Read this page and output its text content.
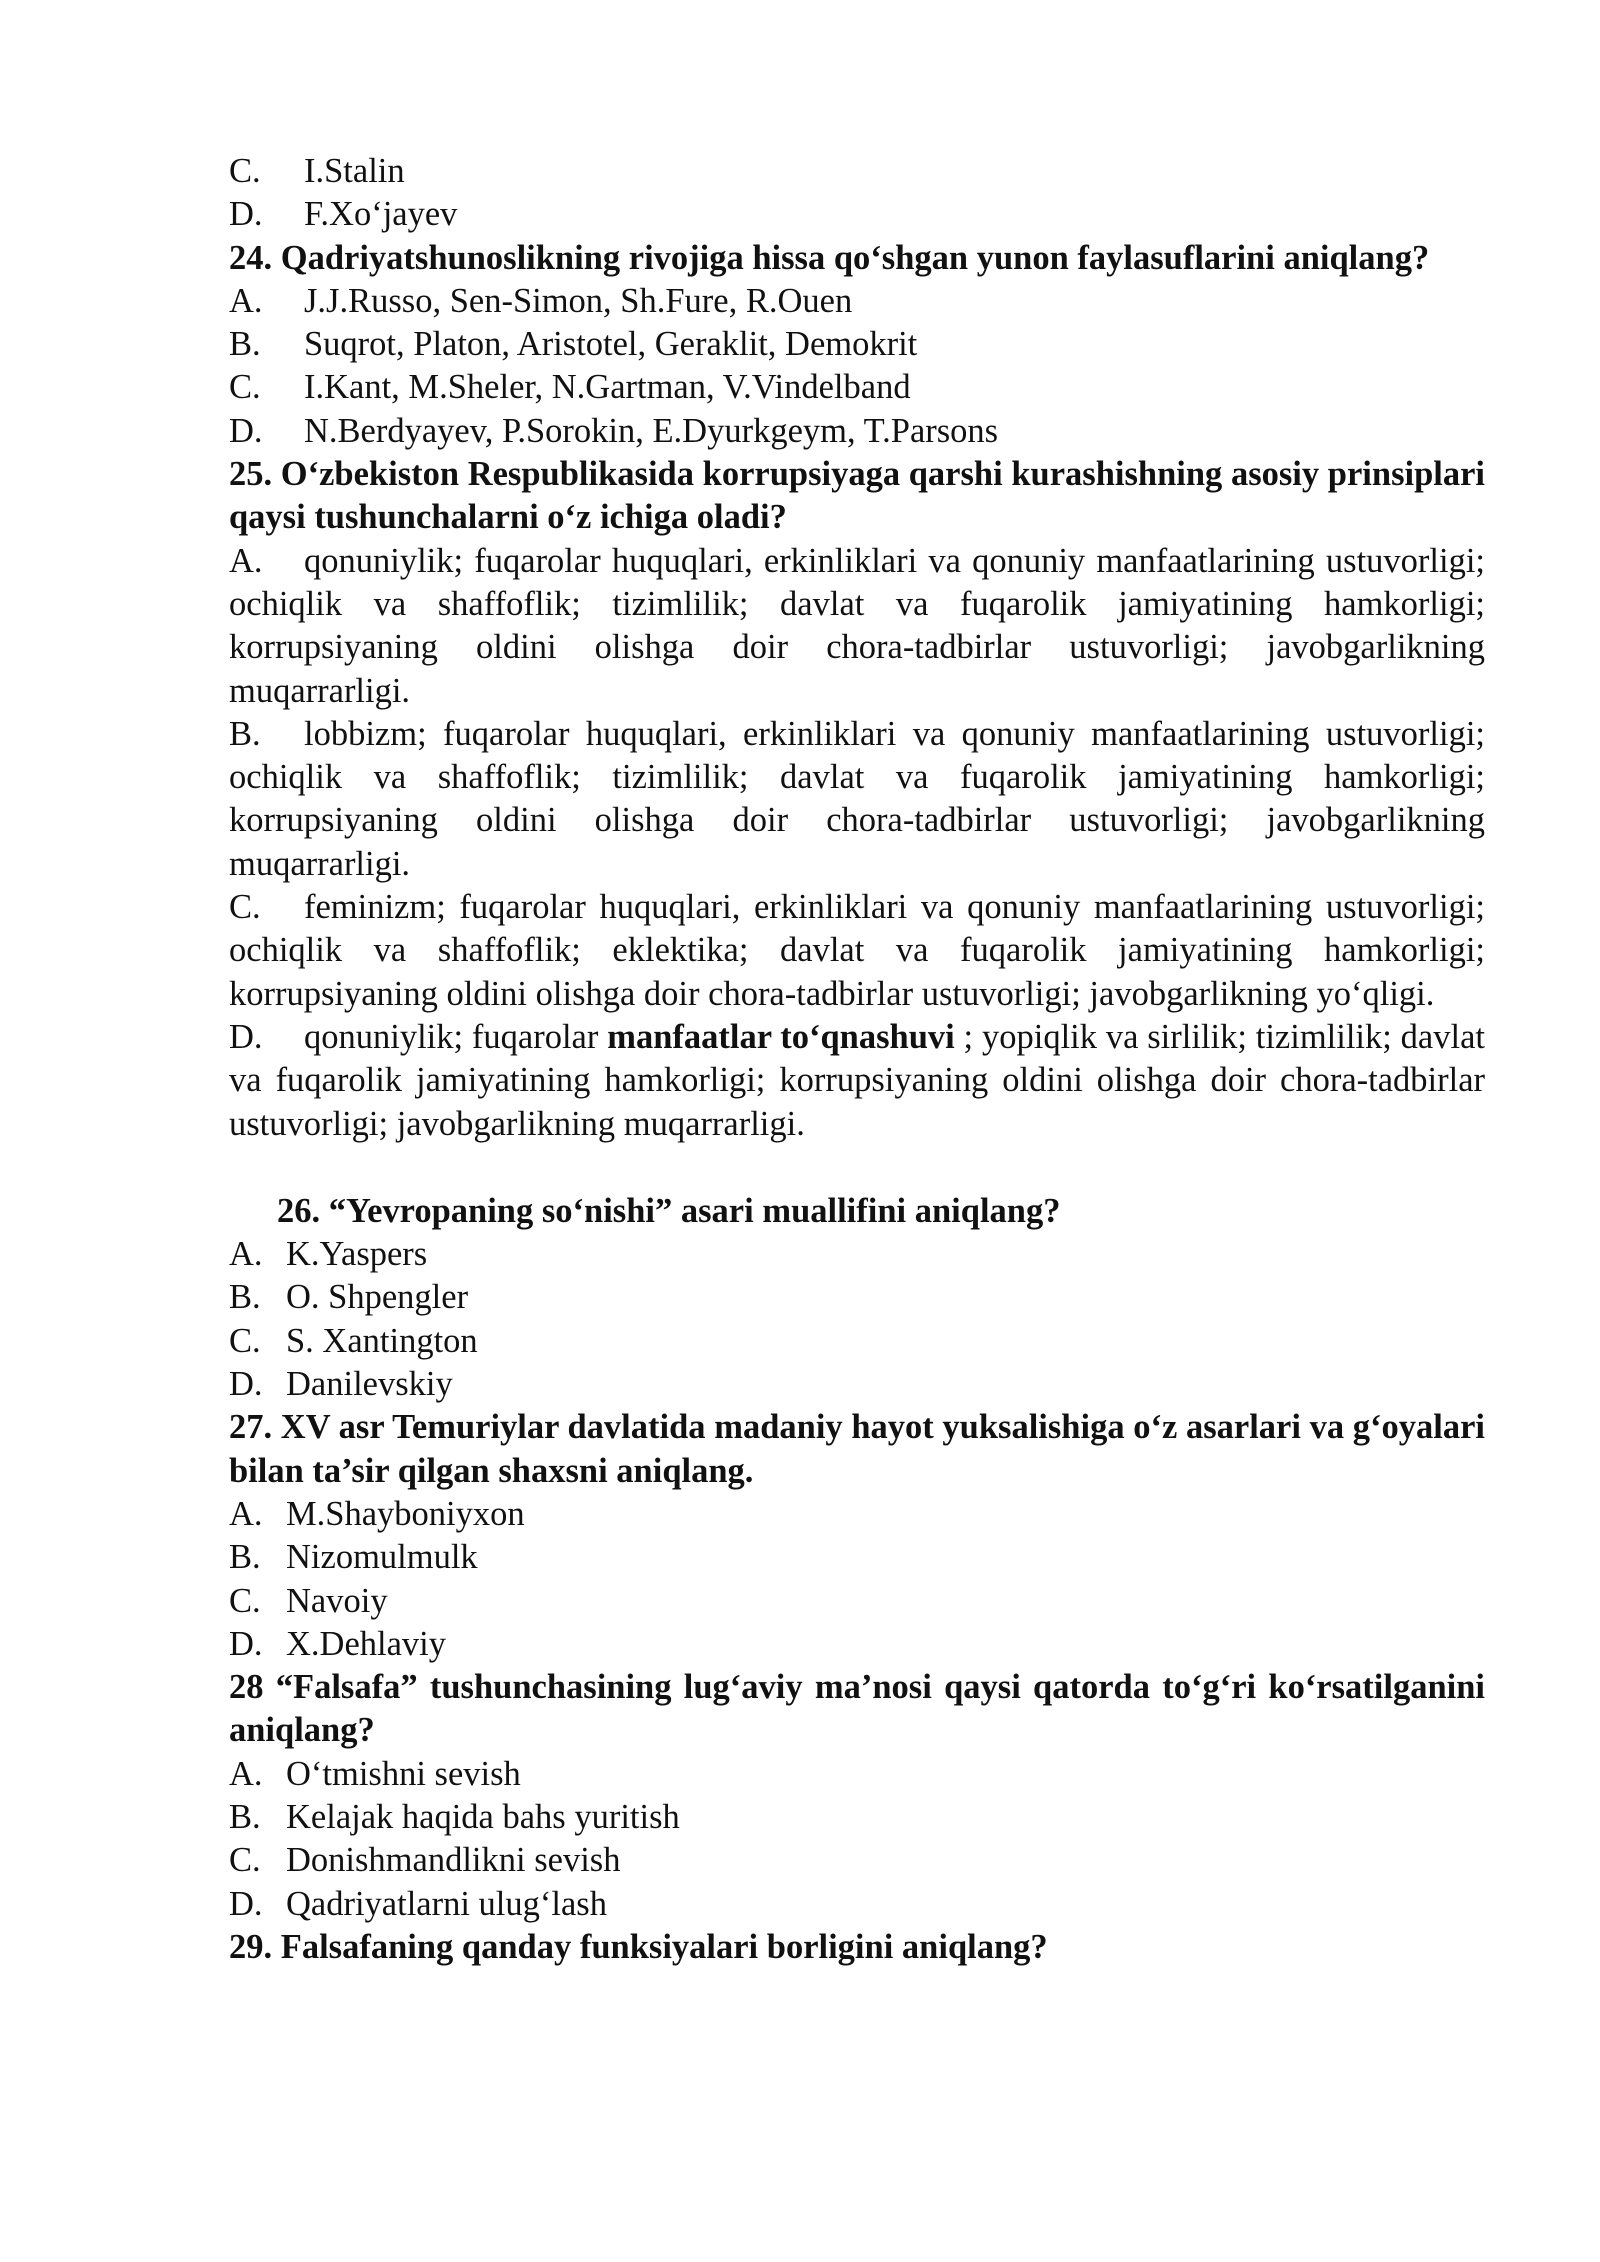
C.	I.Stalin
D.	F.Xo‘jayev
24. Qadriyatshunoslikning rivojiga hissa qo‘shgan yunon faylasuflarini aniqlang?
A.	J.J.Russo, Sen-Simon, Sh.Fure, R.Ouen
B.	Suqrot, Platon, Aristotel, Geraklit, Demokrit
C.	I.Kant, M.Sheler, N.Gartman, V.Vindelband
D.	N.Berdyayev, P.Sorokin, E.Dyurkgeym, T.Parsons
25. O‘zbekiston Respublikasida korrupsiyaga qarshi kurashishning asosiy prinsiplari qaysi tushunchalarni o‘z ichiga oladi?
A. qonuniylik; fuqarolar huquqlari, erkinliklari va qonuniy manfaatlarining ustuvorligi; ochiqlik va shaffoflik; tizimlilik; davlat va fuqarolik jamiyatining hamkorligi; korrupsiyaning oldini olishga doir chora-tadbirlar ustuvorligi; javobgarlikning muqarrarligi.
B. lobbizm; fuqarolar huquqlari, erkinliklari va qonuniy manfaatlarining ustuvorligi; ochiqlik va shaffoflik; tizimlilik; davlat va fuqarolik jamiyatining hamkorligi; korrupsiyaning oldini olishga doir chora-tadbirlar ustuvorligi; javobgarlikning muqarrarligi.
C. feminizm; fuqarolar huquqlari, erkinliklari va qonuniy manfaatlarining ustuvorligi; ochiqlik va shaffoflik; eklektika; davlat va fuqarolik jamiyatining hamkorligi; korrupsiyaning oldini olishga doir chora-tadbirlar ustuvorligi; javobgarlikning yo‘qligi.
D. qonuniylik; fuqarolar manfaatlar to‘qnashuvi ; yopiqlik va sirlilik; tizimlilik; davlat va fuqarolik jamiyatining hamkorligi; korrupsiyaning oldini olishga doir chora-tadbirlar ustuvorligi; javobgarlikning muqarrarligi.
26. “Yevropaning so‘nishi” asari muallifini aniqlang?
A. K.Yaspers
B. O. Shpengler
C. S. Xantington
D. Danilevskiy
27. XV asr Temuriylar davlatida madaniy hayot yuksalishiga o‘z asarlari va g‘oyalari bilan ta’sir qilgan shaxsni aniqlang.
A. M.Shayboniyxon
B. Nizomulmulk
C. Navoiy
D. X.Dehlaviy
28 “Falsafa” tushunchasining lug‘aviy ma’nosi qaysi qatorda to‘g‘ri ko‘rsatilganini aniqlang?
A. O‘tmishni sevish
B. Kelajak haqida bahs yuritish
C. Donishmandlikni sevish
D. Qadriyatlarni ulug‘lash
29. Falsafaning qanday funksiyalari borligini aniqlang?
